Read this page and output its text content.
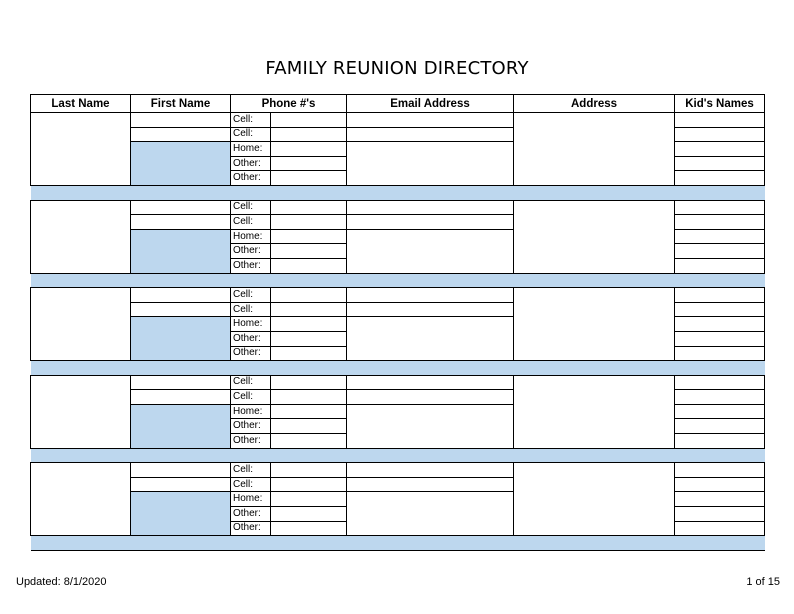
FAMILY REUNION DIRECTORY
Last Name	First Name	Phone #'s		Email Address	Address	Kid's Names
		Cell:				
		Cell:				
		Home:				
		Other:				
		Other:				

		Cell:				
		Cell:				
		Home:				
		Other:				
		Other:				

		Cell:				
		Cell:				
		Home:				
		Other:				
		Other:				

		Cell:				
		Cell:				
		Home:				
		Other:				
		Other:				

		Cell:				
		Cell:				
		Home:				
		Other:				
		Other:				

Updated: 8/1/2020	1 of 15
